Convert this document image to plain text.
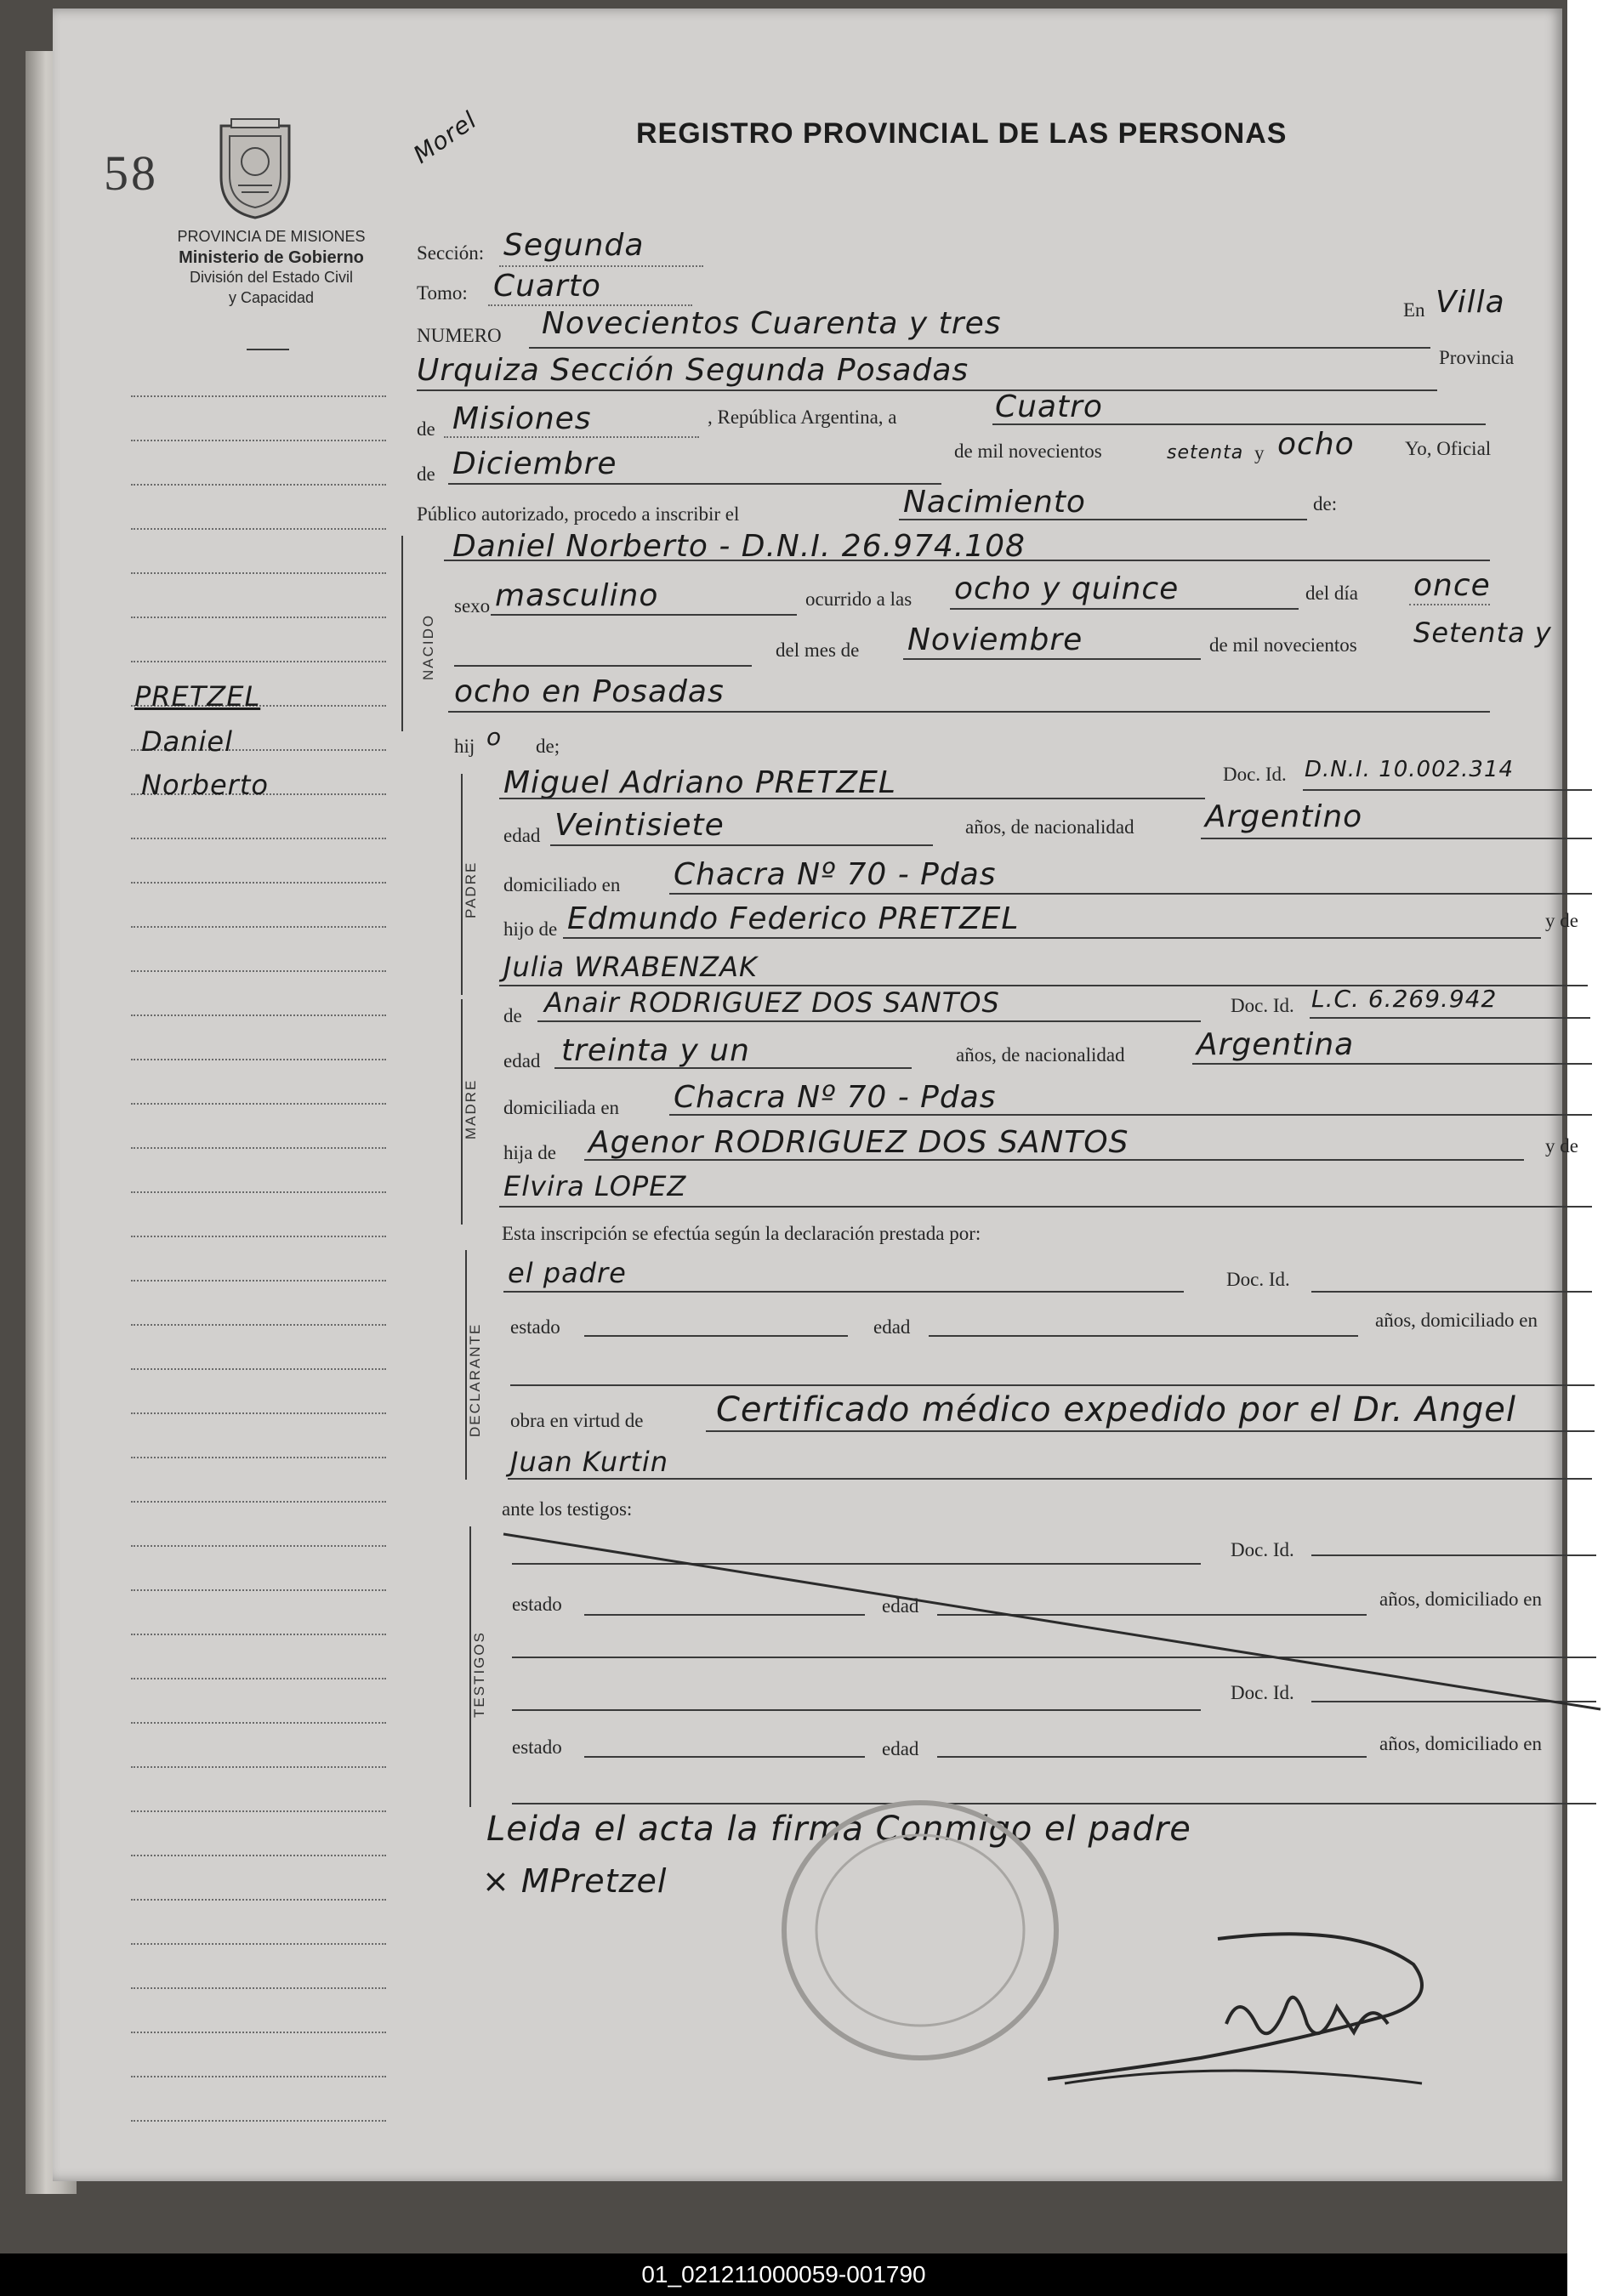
58
Morel	REGISTRO PROVINCIAL DE LAS PERSONAS
PROVINCIA DE MISIONES
Ministerio de Gobierno
División del Estado Civil
y Capacidad
PRETZEL
Daniel
Norberto
Sección: Segunda
Tomo: Cuarto
NUMERO Novecientos Cuarenta y tres	En Villa
Urquiza Sección Segunda Posadas	Provincia
de Misiones	, República Argentina, a	Cuatro
de Diciembre	de mil novecientos	setenta y ocho	Yo, Oficial
Público autorizado, procedo a inscribir el	Nacimiento	de:
NACIDO
Daniel Norberto - D.N.I. 26.974.108
sexo masculino	ocurrido a las ocho y quince	del día once
del mes de Noviembre	de mil novecientos Setenta y
ocho en Posadas
hij o de;
PADRE
Miguel Adriano PRETZEL	Doc. Id. D.N.I. 10.002.314
edad Veintisiete	años, de nacionalidad Argentino
domiciliado en Chacra Nº 70 - Pdas
hijo de Edmundo Federico PRETZEL	y de
Julia WRABENZAK
MADRE
de Anair RODRIGUEZ DOS SANTOS	Doc. Id. L.C. 6.269.942
edad treinta y un	años, de nacionalidad Argentina
domiciliada en Chacra Nº 70 - Pdas
hija de Agenor RODRIGUEZ DOS SANTOS	y de
Elvira LOPEZ
Esta inscripción se efectúa según la declaración prestada por:
DECLARANTE
el padre	Doc. Id.
estado	edad	años, domiciliado en
obra en virtud de Certificado médico expedido por el Dr. Angel
Juan Kurtin
ante los testigos:
TESTIGOS
Doc. Id.
estado	edad	años, domiciliado en
Doc. Id.
estado	edad	años, domiciliado en
Leida el acta la firma Conmigo el padre
× MPretzel
01_021211000059-001790
